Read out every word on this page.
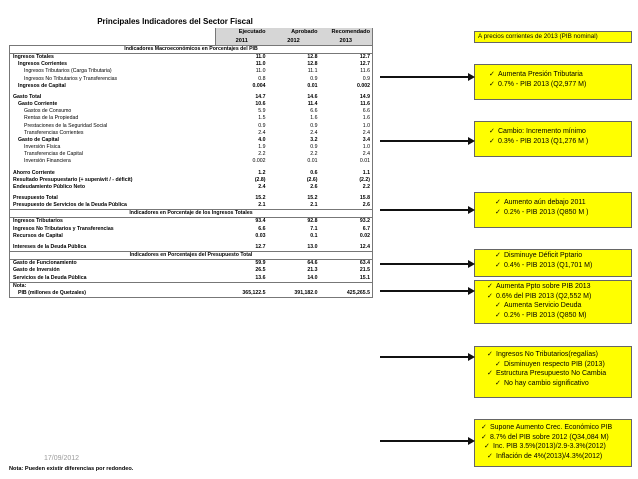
Principales Indicadores del Sector Fiscal
	Ejecutado	Aprobado	Recomendado
	2011	2012	2013
Indicadores Macroeconómicos en Porcentajes del PIB			
Ingresos Totales	11.0	12.8	12.7
Ingresos Corrientes	11.0	12.8	12.7
Ingresos Tributarios (Carga Tributaria)	11.0	11.1	11.6
Ingresos No Tributarios y Transferencias	0.8	0.9	0.9
Ingresos de Capital	0.004	0.01	0.002

Gasto Total	14.7	14.6	14.9
Gasto Corriente	10.6	11.4	11.6
Gastos de Consumo	5.9	6.6	6.6
Rentas de la Propiedad	1.5	1.6	1.6
Prestaciones de la Seguridad Social	0.9	0.9	1.0
Transferencias Corrientes	2.4	2.4	2.4
Gasto de Capital	4.0	3.2	3.4
Inversión Física	1.9	0.9	1.0
Transferencias de Capital	2.2	2.2	2.4
Inversión Financiera	0.002	0.01	0.01

Ahorro Corriente	1.2	0.6	1.1
Resultado Presupuestario (+ superávit / - déficit)	(2.8)	(2.6)	(2.2)
Endeudamiento Público Neto	2.4	2.6	2.2

Presupuesto Total	15.2	15.2	15.8
Presupuesto de Servicios de la Deuda Pública	2.1	2.1	2.6
Indicadores en Porcentaje de los Ingresos Totales			
Ingresos Tributarios	93.4	92.8	93.2
Ingresos No Tributarios y Transferencias	6.6	7.1	6.7
Recursos de Capital	0.03	0.1	0.02

Intereses de la Deuda Pública	12.7	13.0	12.4
Indicadores en Porcentajes del Presupuesto Total			
Gasto de Funcionamiento	59.9	64.6	63.4
Gasto de Inversión	26.5	21.3	21.5
Servicios de la Deuda Pública	13.6	14.0	15.1
Nota:			
PIB (millones de Quetzales)	365,122.5	391,182.0	425,265.5
17/09/2012
Nota: Pueden existir diferencias por redondeo.
A precios corrientes de 2013 (PIB nominal)
✓ Aumenta Presión Tributaria
✓ 0.7% - PIB 2013 (Q2,977 M)
✓ Cambio: Incremento mínimo
✓ 0.3% - PIB 2013 (Q1,276 M )
✓ Aumento aún debajo 2011
✓ 0.2% - PIB 2013 (Q850 M )
✓ Disminuye Déficit Pptario
✓ 0.4% - PIB 2013 (Q1,701 M)
✓ Aumenta Ppto sobre PIB 2013
✓ 0.6% del PIB 2013 (Q2,552 M)
✓ Aumenta Servicio Deuda
✓ 0.2% - PIB 2013 (Q850 M)
✓ Ingresos No Tributarios(regalías)
✓ Disminuyen respecto PIB (2013)
✓ Estructura Presupuesto No Cambia
✓ No hay cambio significativo
✓ Supone Aumento Crec. Económico PIB
✓ 8.7% del PIB sobre 2012 (Q34,084 M)
✓ Inc. PIB 3.5%(2013)/2.9-3.3%(2012)
✓ Inflación de 4%(2013)/4.3%(2012)
